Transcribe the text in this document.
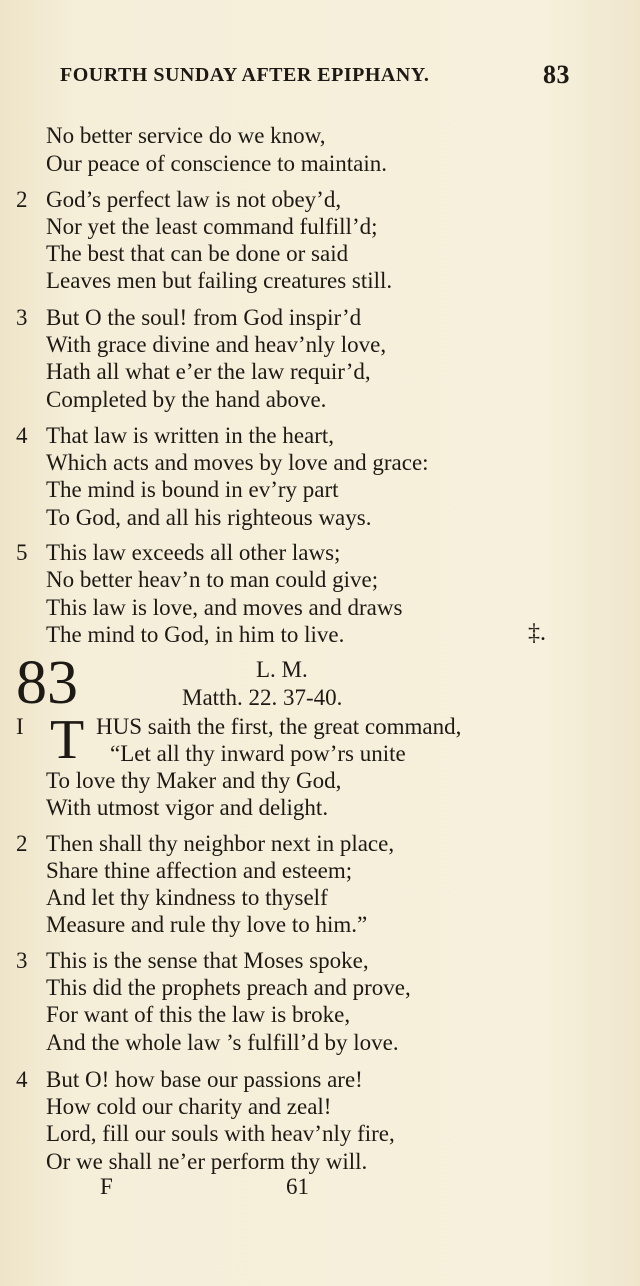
FOURTH SUNDAY AFTER EPIPHANY.	83
No better service do we know,
Our peace of conscience to maintain.
2 God’s perfect law is not obey’d,
Nor yet the least command fulfill’d;
The best that can be done or said
Leaves men but failing creatures still.
3 But O the soul! from God inspir’d
With grace divine and heav’nly love,
Hath all what e’er the law requir’d,
Completed by the hand above.
4 That law is written in the heart,
Which acts and moves by love and grace:
The mind is bound in ev’ry part
To God, and all his righteous ways.
5 This law exceeds all other laws;
No better heav’n to man could give;
This law is love, and moves and draws
The mind to God, in him to live.	‡.
83	L. M.
Matth. 22. 37-40.
I T HUS saith the first, the great command,
“Let all thy inward pow’rs unite
To love thy Maker and thy God,
With utmost vigor and delight.
2 Then shall thy neighbor next in place,
Share thine affection and esteem;
And let thy kindness to thyself
Measure and rule thy love to him.”
3 This is the sense that Moses spoke,
This did the prophets preach and prove,
For want of this the law is broke,
And the whole law ’s fulfill’d by love.
4 But O! how base our passions are!
How cold our charity and zeal!
Lord, fill our souls with heav’nly fire,
Or we shall ne’er perform thy will.
F	61
